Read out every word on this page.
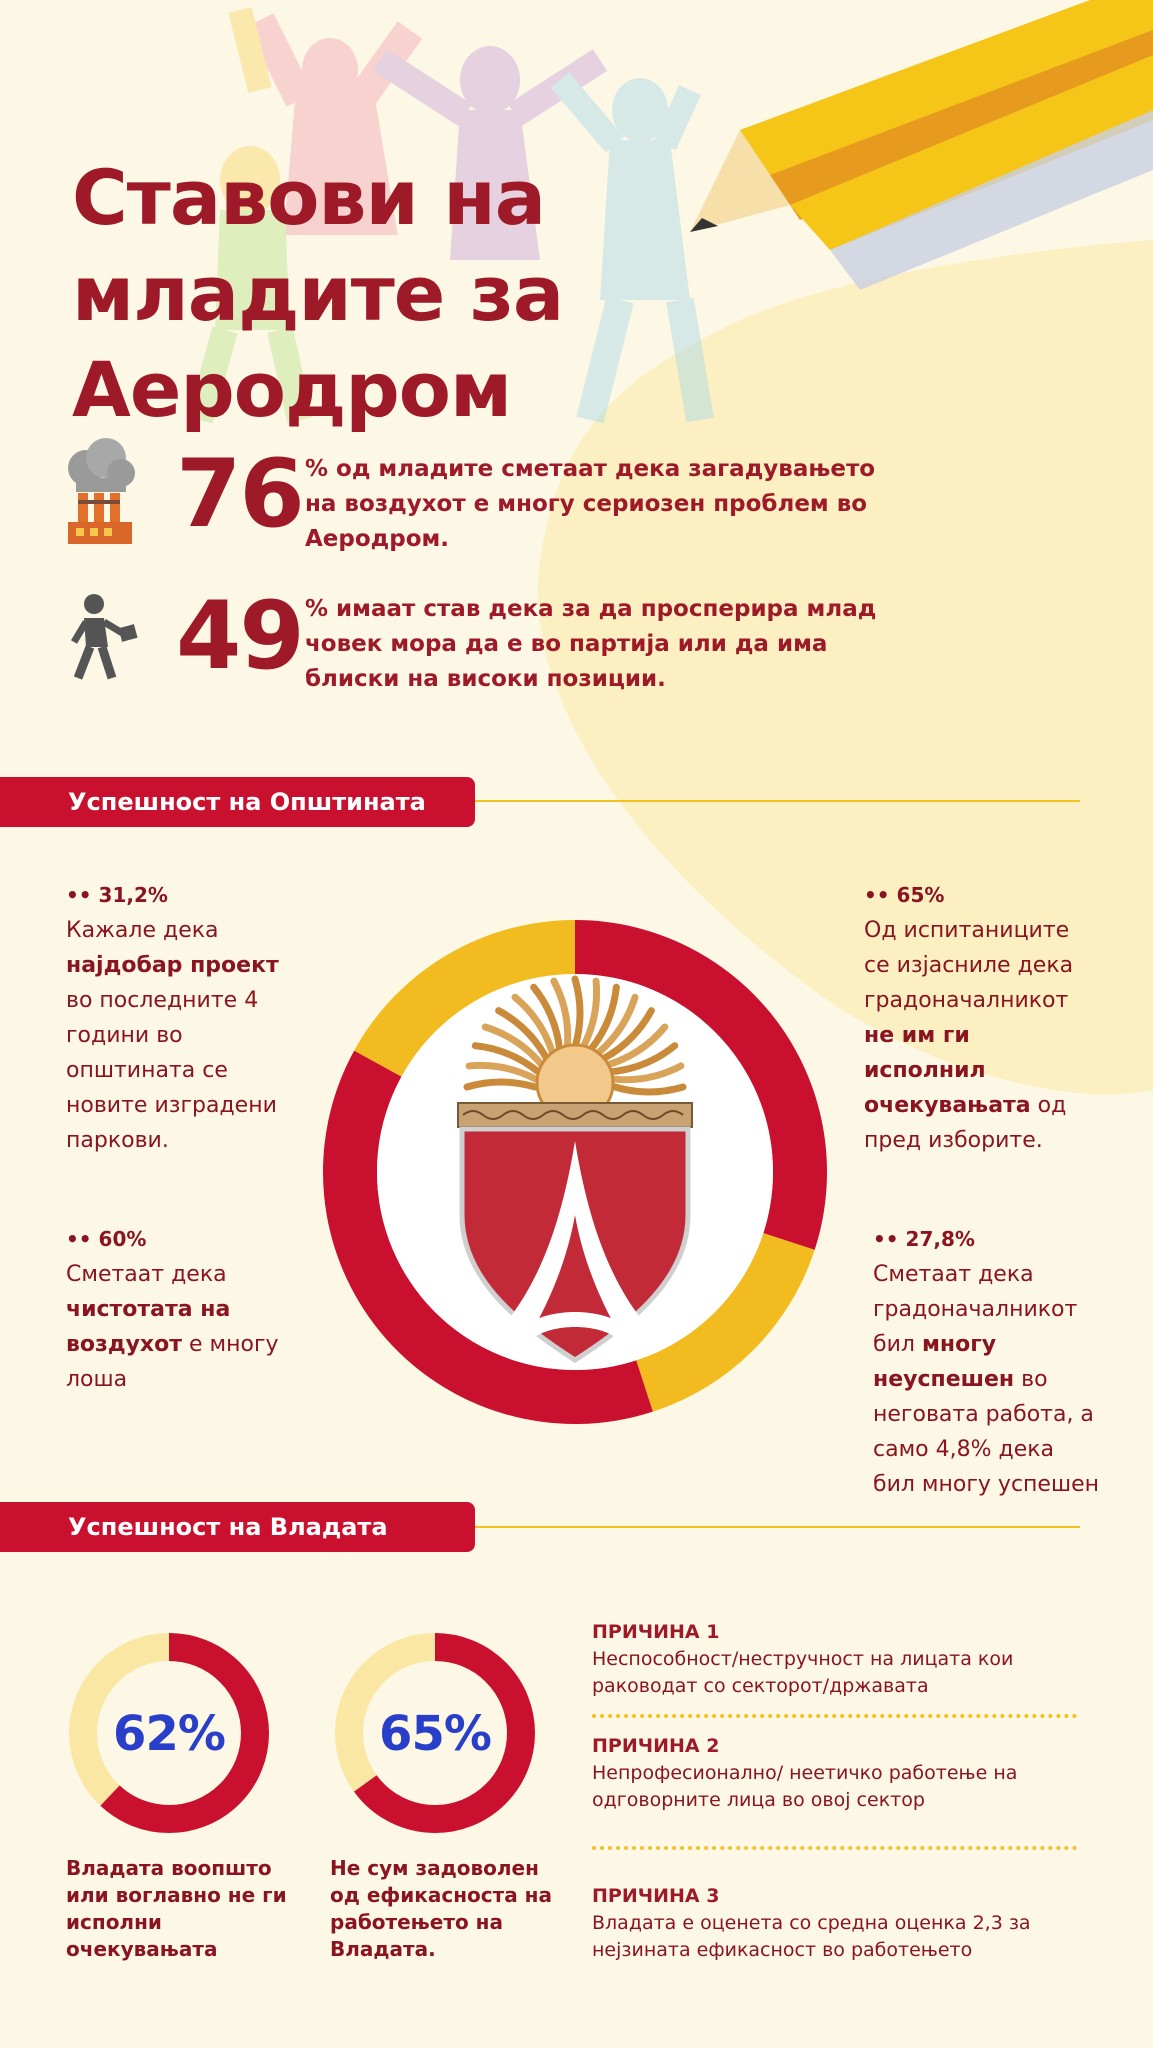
Ставови на
младите за
Аеродром
76 % од младите сметаат дека загадувањето на воздухот е многу сериозен проблем во Аеродром.
49 % имаат став дека за да просперира млад човек мора да е во партија или да има блиски на високи позиции.
Успешност на Општината
•• 31,2%
Кажале дека најдобар проект во последните 4 години во општината се новите изградени паркови.
•• 65%
Од испитаниците се изјасниле дека градоначалникот не им ги исполнил очекувањата од пред изборите.
•• 60%
Сметаат дека чистотата на воздухот е многу лоша
•• 27,8%
Сметаат дека градоначалникот бил многу неуспешен во неговата работа, а само 4,8% дека бил многу успешен
Успешност на Владата
62%
Владата воопшто или воглавно не ги исполни очекувањата
65%
Не сум задоволен од ефикасноста на работењето на Владата.
ПРИЧИНА 1
Неспособност/нестручност на лицата кои раководат со секторот/државата
ПРИЧИНА 2
Непрофесионално/ неетичко работење на одговорните лица во овој сектор
ПРИЧИНА 3
Владата е оценета со средна оценка 2,3 за нејзината ефикасност во работењето
